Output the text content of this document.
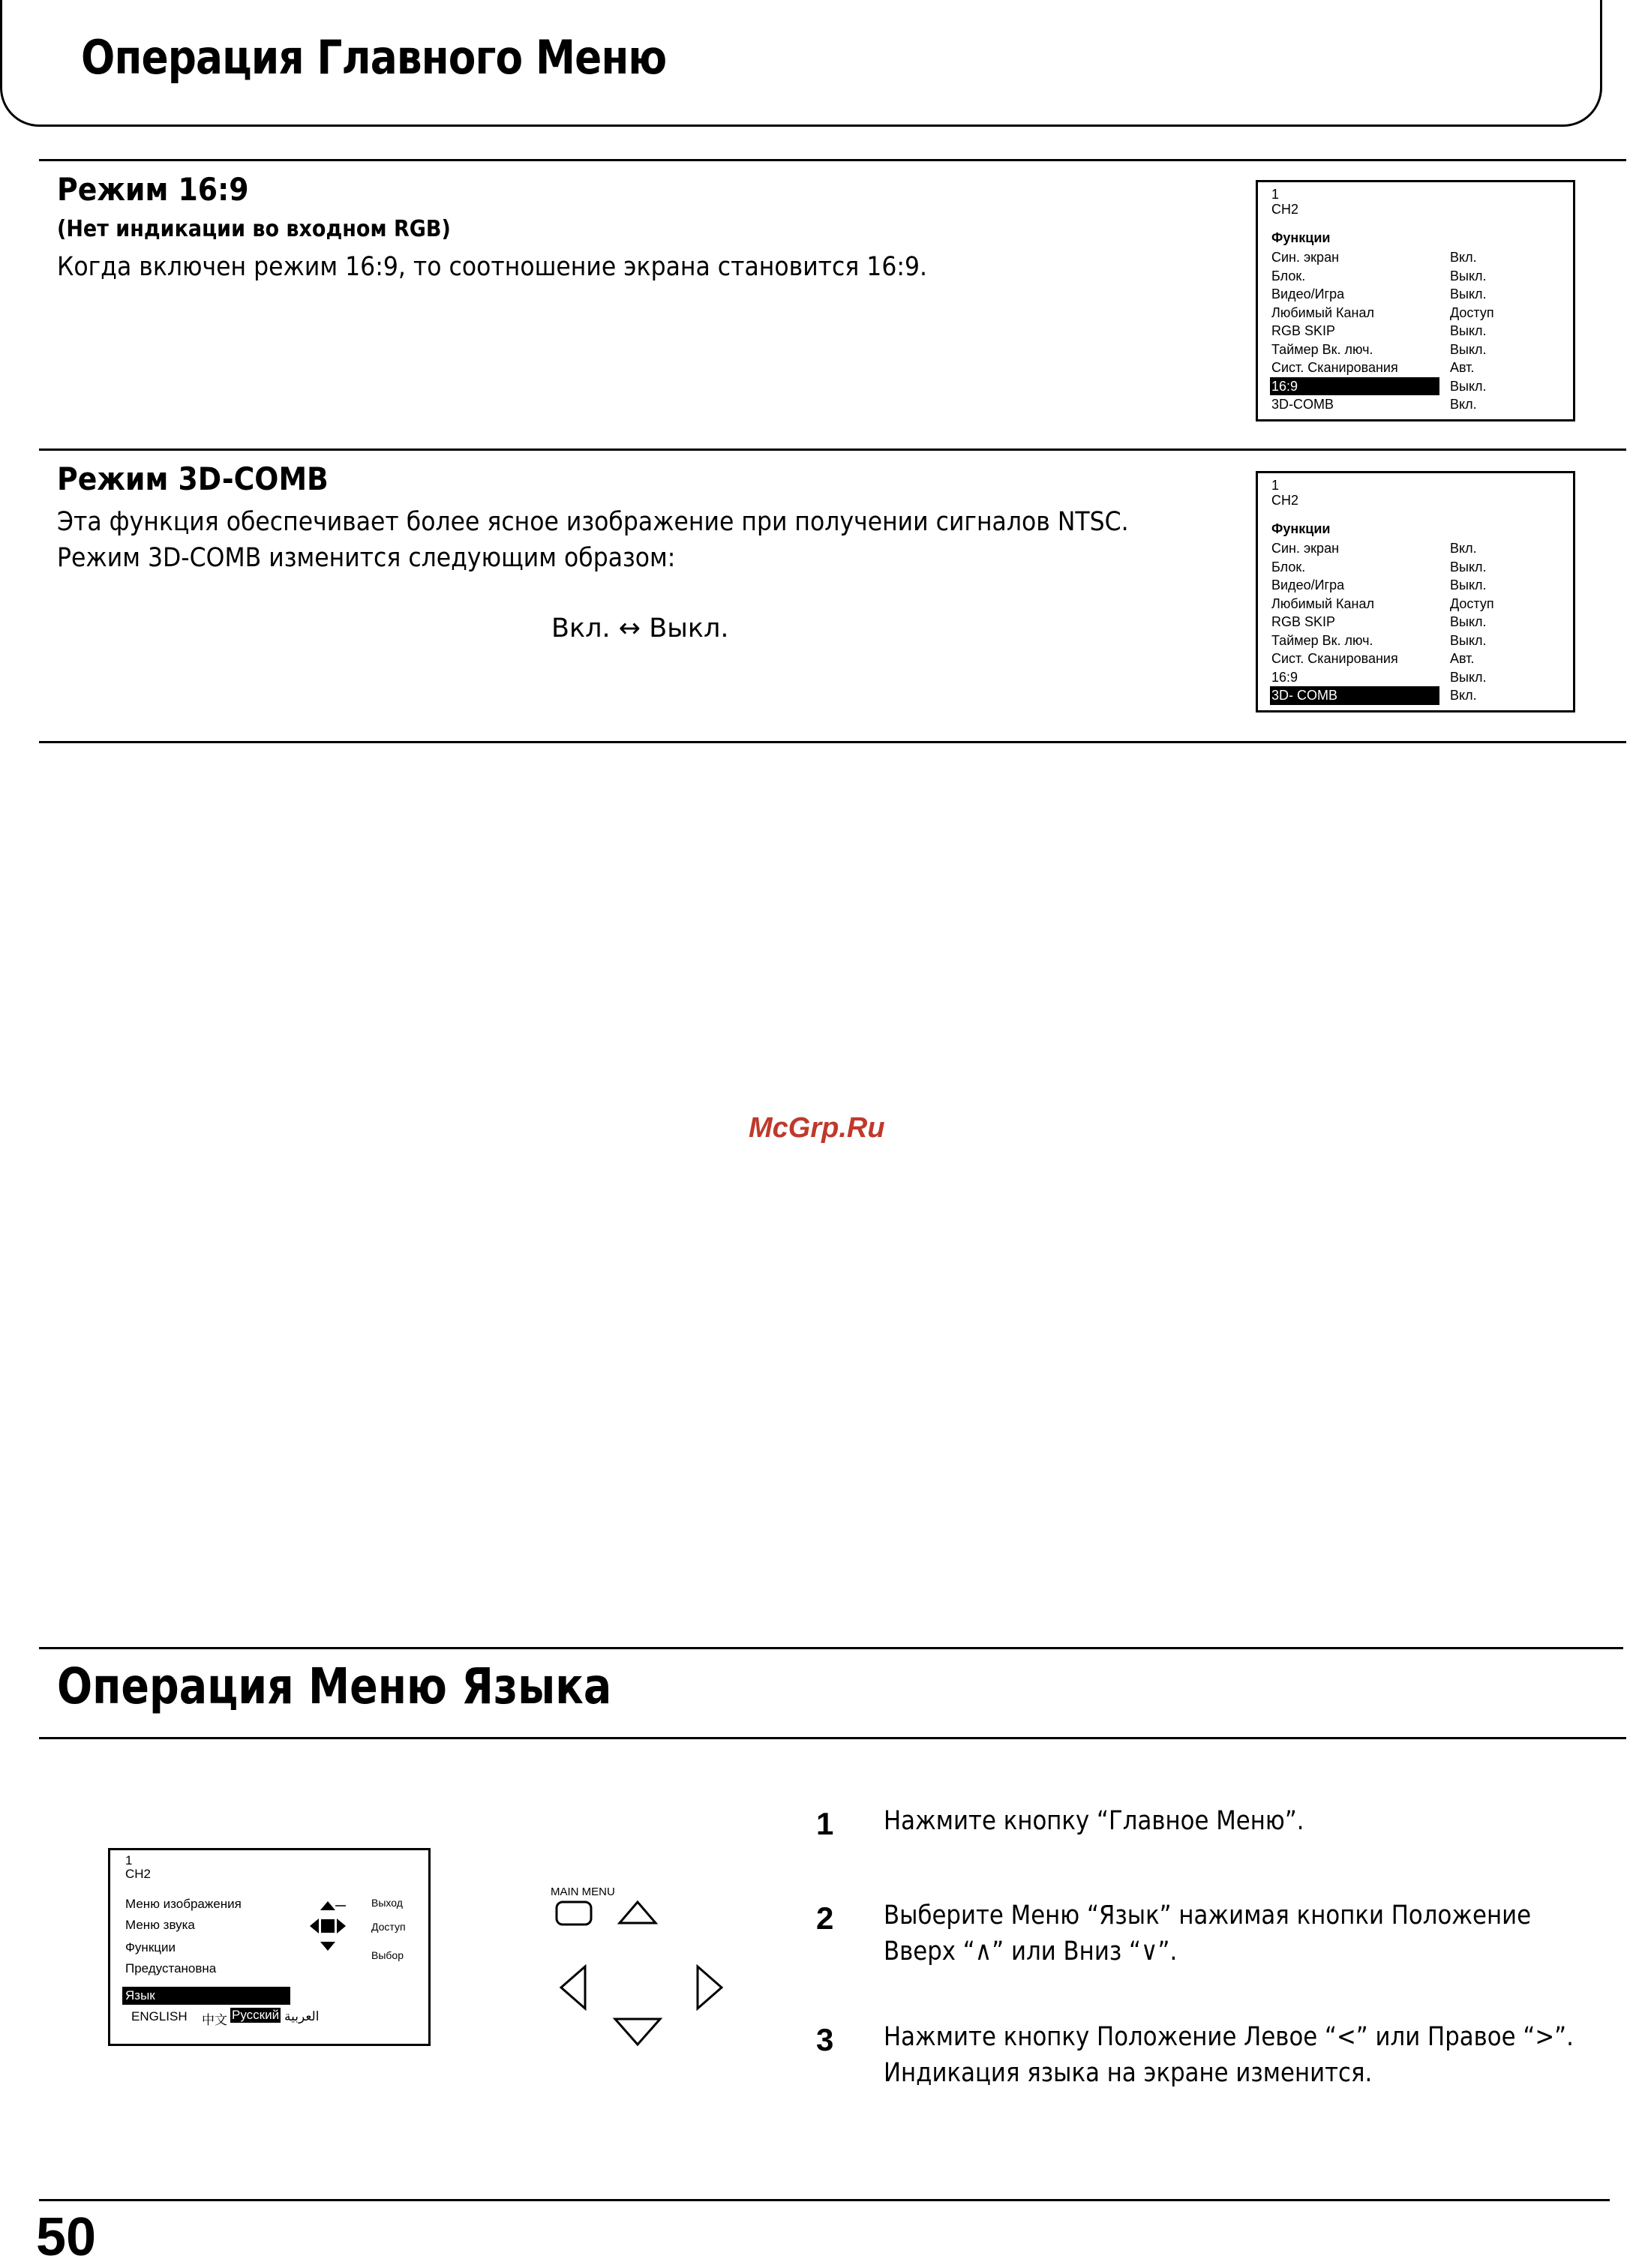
Операция Главного Меню
Режим 16:9
(Нет индикации во входном RGB)
Когда включен режим 16:9, то соотношение экрана становится 16:9.
1
CH2
Функции
Син. экран	Вкл.
Блок.	Выкл.
Видео/Игра	Выкл.
Любимый Канал	Доступ
RGB SKIP	Выкл.
Таймер Вк. люч.	Выкл.
Сист. Сканирования	Авт.
16:9	Выкл.
3D-COMB	Вкл.
Режим 3D-COMB
Эта функция обеспечивает более ясное изображение при получении сигналов NTSC.
Режим 3D-COMB изменится следующим образом:
Вкл. ↔ Выкл.
1
CH2
Функции
Син. экран	Вкл.
Блок.	Выкл.
Видео/Игра	Выкл.
Любимый Канал	Доступ
RGB SKIP	Выкл.
Таймер Вк. люч.	Выкл.
Сист. Сканирования	Авт.
16:9	Выкл.
3D- COMB	Вкл.
McGrp.Ru
Операция Меню Языка
1
CH2
Меню изображения
Меню звука
Функции
Предустановна
Язык
ENGLISH 中文 Русский العربية
Выход
Доступ
Выбор
MAIN MENU
1 Нажмите кнопку “Главное Меню”.
2 Выберите Меню “Язык” нажимая кнопки Положение
Вверх “∧” или Вниз “∨”.
3 Нажмите кнопку Положение Левое “<” или Правое “>”.
Индикация языка на экране изменится.
50
